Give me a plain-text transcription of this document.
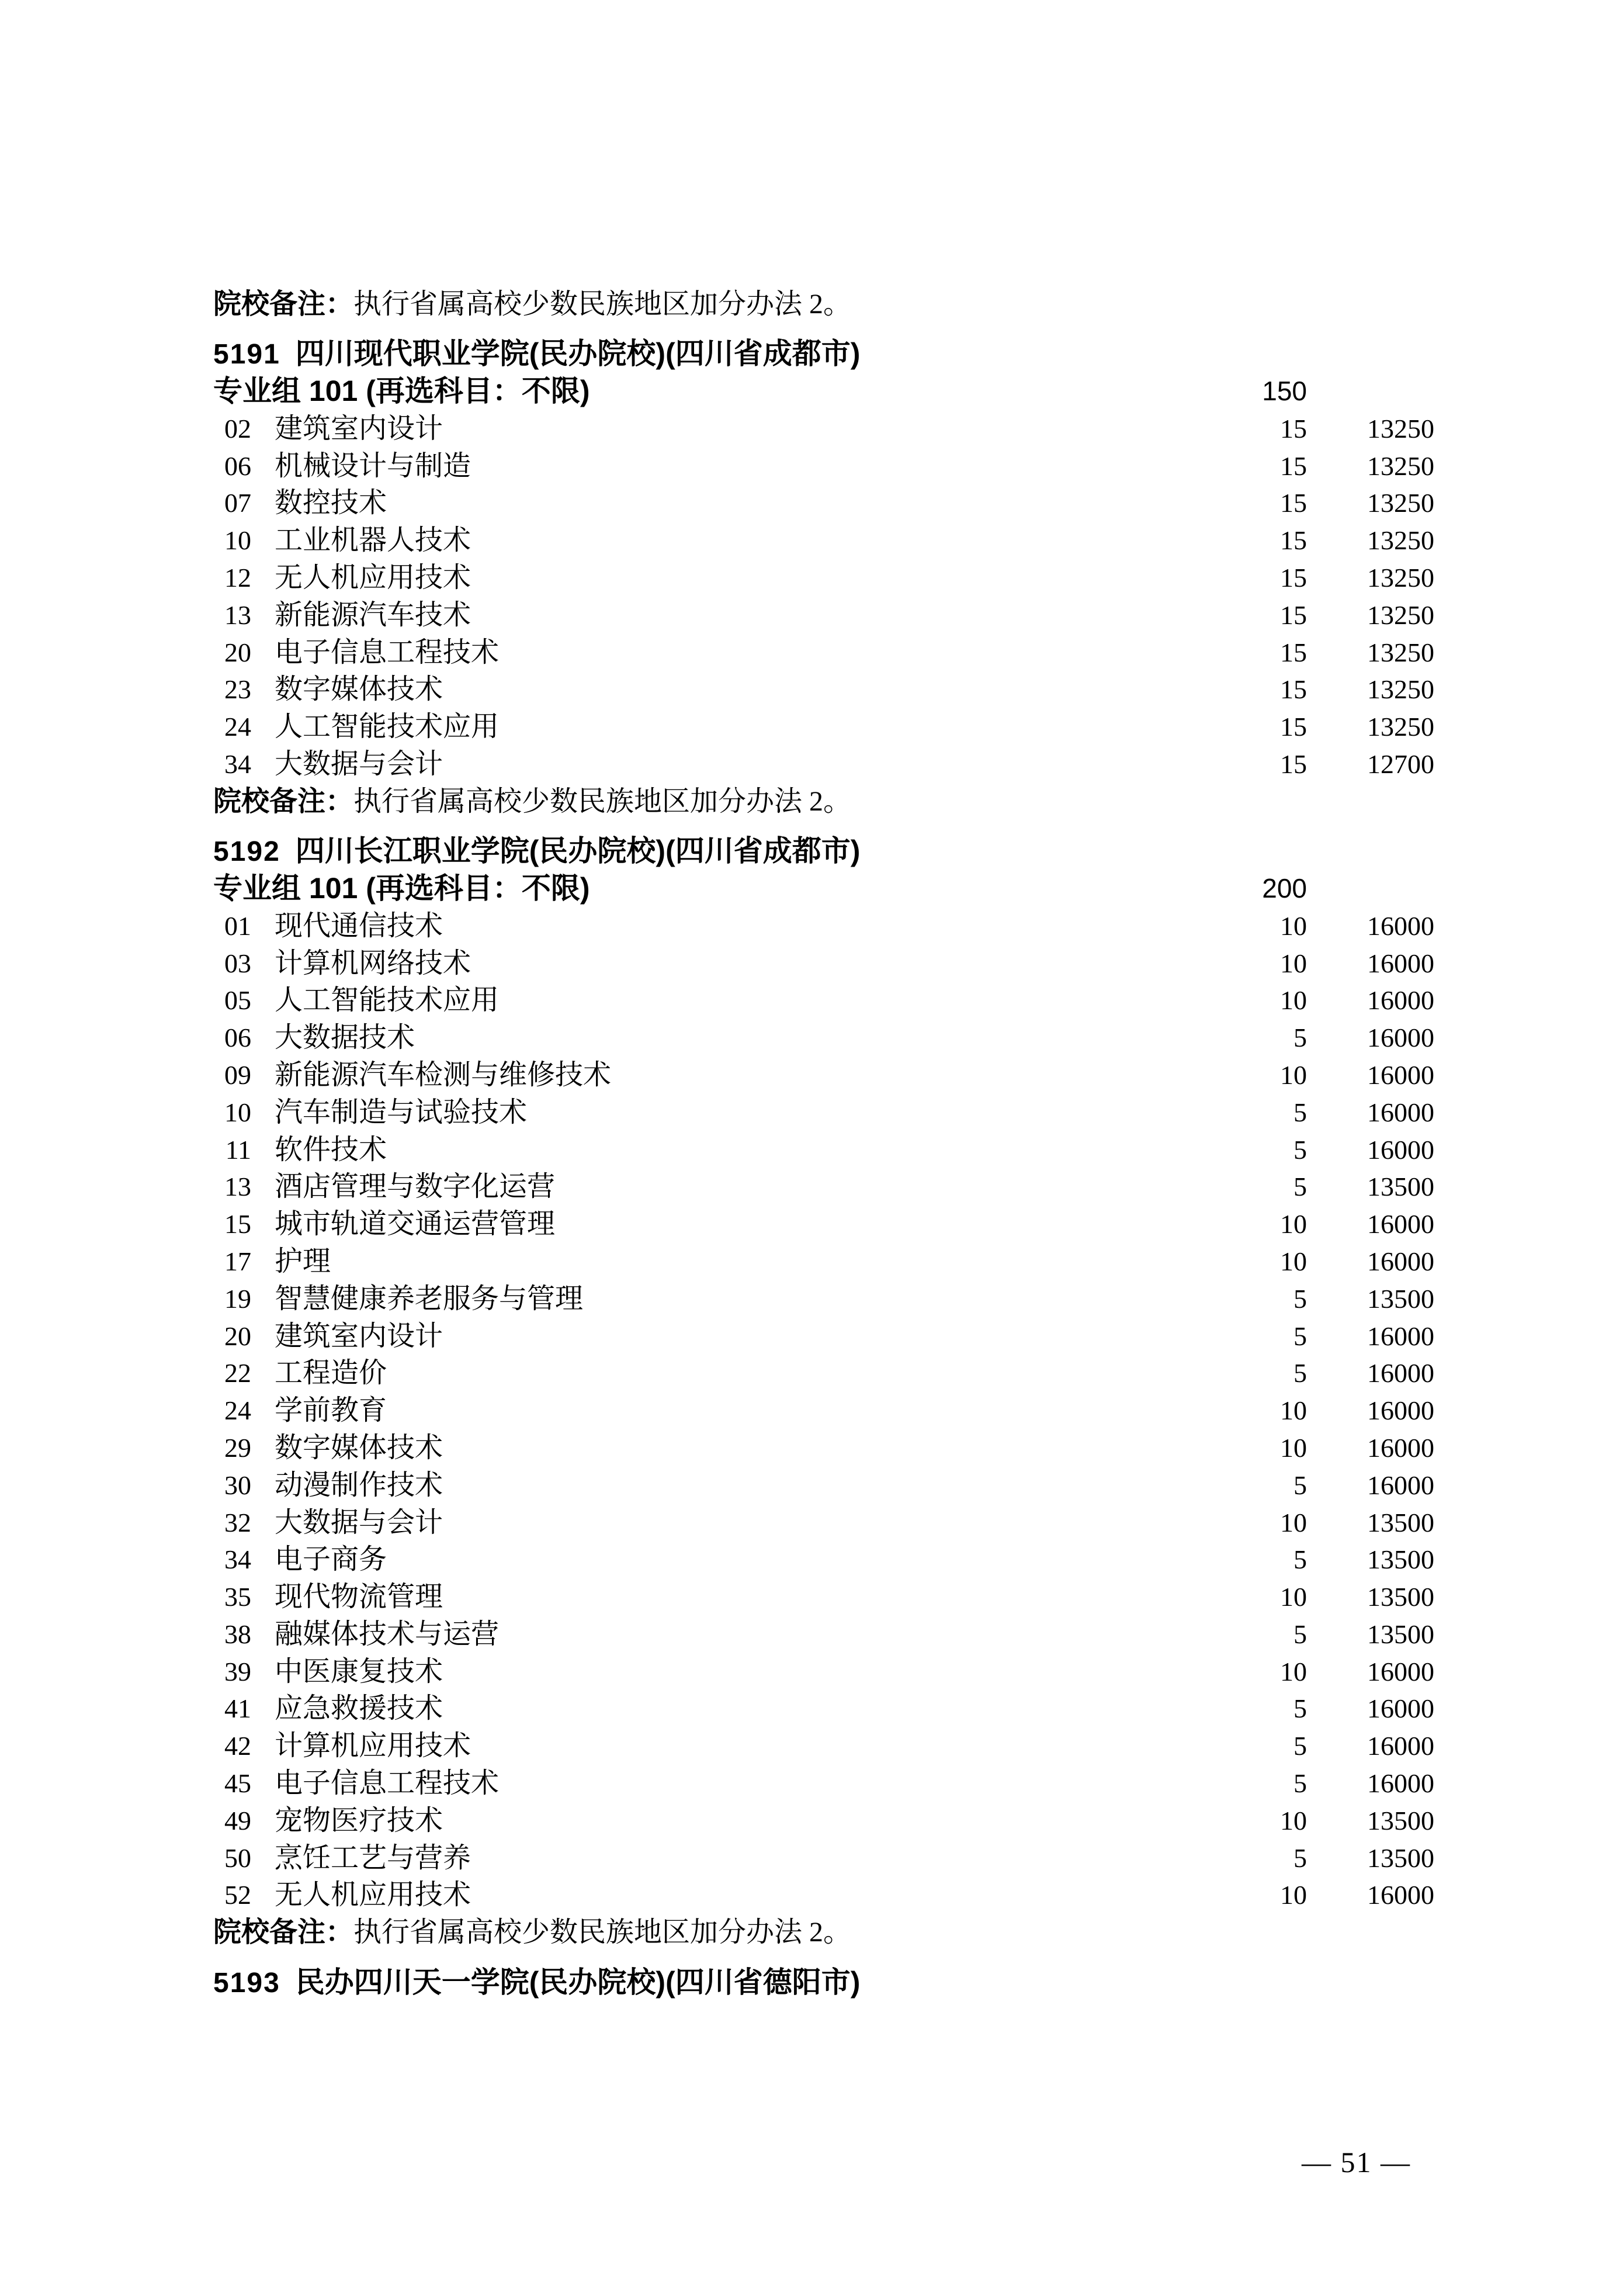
院校备注：执行省属高校少数民族地区加分办法 2。
5191 四川现代职业学院(民办院校)(四川省成都市)
专业组 101 (再选科目：不限)	150
02 建筑室内设计	15	13250
06 机械设计与制造	15	13250
07 数控技术	15	13250
10 工业机器人技术	15	13250
12 无人机应用技术	15	13250
13 新能源汽车技术	15	13250
20 电子信息工程技术	15	13250
23 数字媒体技术	15	13250
24 人工智能技术应用	15	13250
34 大数据与会计	15	12700
院校备注：执行省属高校少数民族地区加分办法 2。
5192 四川长江职业学院(民办院校)(四川省成都市)
专业组 101 (再选科目：不限)	200
01 现代通信技术	10	16000
03 计算机网络技术	10	16000
05 人工智能技术应用	10	16000
06 大数据技术	5	16000
09 新能源汽车检测与维修技术	10	16000
10 汽车制造与试验技术	5	16000
11 软件技术	5	16000
13 酒店管理与数字化运营	5	13500
15 城市轨道交通运营管理	10	16000
17 护理	10	16000
19 智慧健康养老服务与管理	5	13500
20 建筑室内设计	5	16000
22 工程造价	5	16000
24 学前教育	10	16000
29 数字媒体技术	10	16000
30 动漫制作技术	5	16000
32 大数据与会计	10	13500
34 电子商务	5	13500
35 现代物流管理	10	13500
38 融媒体技术与运营	5	13500
39 中医康复技术	10	16000
41 应急救援技术	5	16000
42 计算机应用技术	5	16000
45 电子信息工程技术	5	16000
49 宠物医疗技术	10	13500
50 烹饪工艺与营养	5	13500
52 无人机应用技术	10	16000
院校备注：执行省属高校少数民族地区加分办法 2。
5193 民办四川天一学院(民办院校)(四川省德阳市)

— 51 —
